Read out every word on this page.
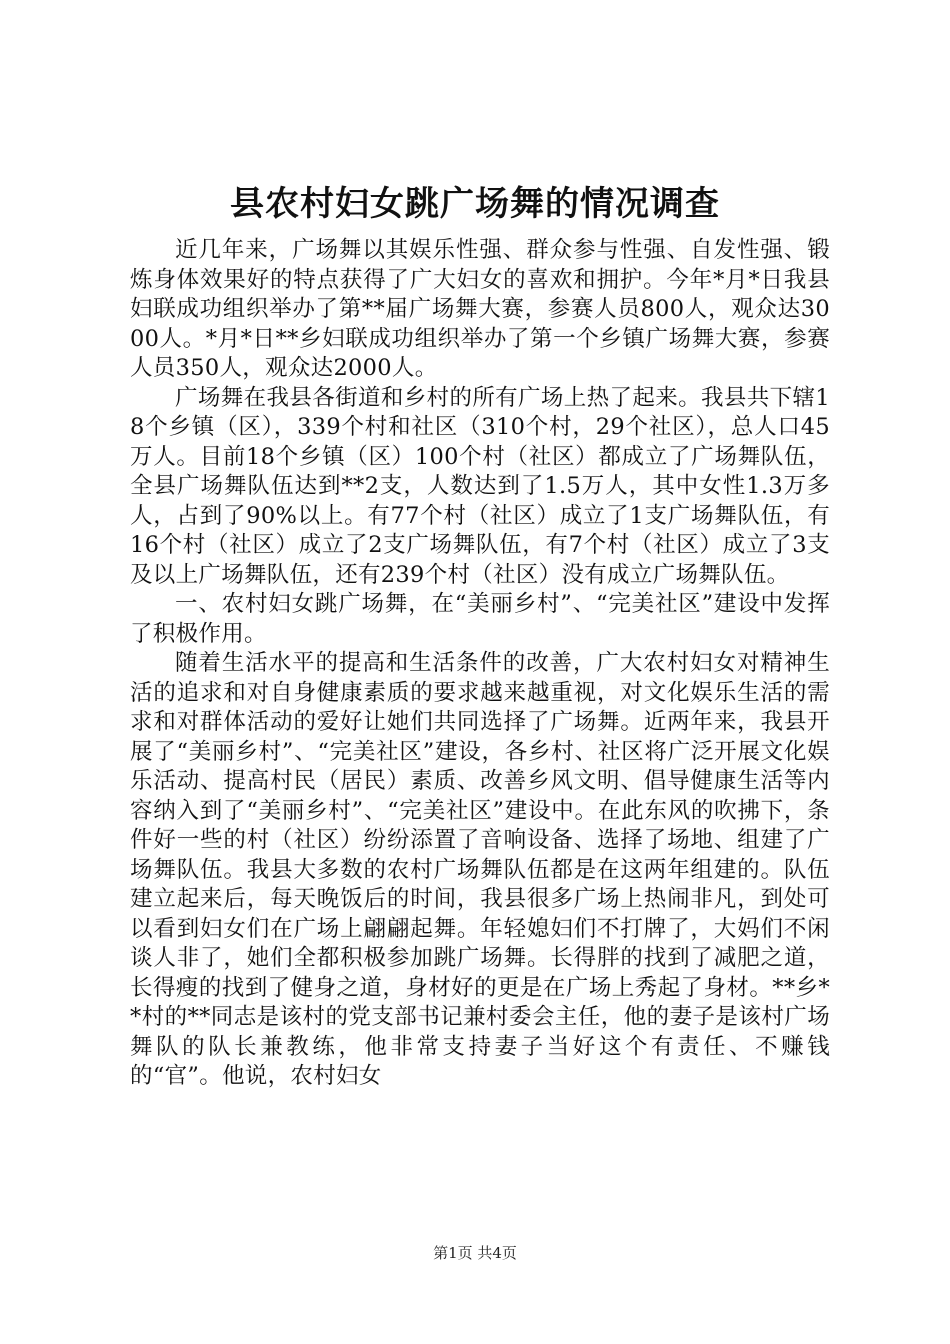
县农村妇女跳广场舞的情况调查

近几年来，广场舞以其娱乐性强、群众参与性强、自发性强、锻炼身体效果好的特点获得了广大妇女的喜欢和拥护。今年*月*日我县妇联成功组织举办了第**届广场舞大赛，参赛人员800人，观众达3000人。*月*日**乡妇联成功组织举办了第一个乡镇广场舞大赛，参赛人员350人，观众达2000人。

广场舞在我县各街道和乡村的所有广场上热了起来。我县共下辖18个乡镇（区），339个村和社区（310个村，29个社区），总人口45万人。目前18个乡镇（区）100个村（社区）都成立了广场舞队伍，全县广场舞队伍达到**2支，人数达到了1.5万人，其中女性1.3万多人，占到了90%以上。有77个村（社区）成立了1支广场舞队伍，有16个村（社区）成立了2支广场舞队伍，有7个村（社区）成立了3支及以上广场舞队伍，还有239个村（社区）没有成立广场舞队伍。

一、农村妇女跳广场舞，在“美丽乡村”、“完美社区”建设中发挥了积极作用。

随着生活水平的提高和生活条件的改善，广大农村妇女对精神生活的追求和对自身健康素质的要求越来越重视，对文化娱乐生活的需求和对群体活动的爱好让她们共同选择了广场舞。近两年来，我县开展了“美丽乡村”、“完美社区”建设，各乡村、社区将广泛开展文化娱乐活动、提高村民（居民）素质、改善乡风文明、倡导健康生活等内容纳入到了“美丽乡村”、“完美社区”建设中。在此东风的吹拂下，条件好一些的村（社区）纷纷添置了音响设备、选择了场地、组建了广场舞队伍。我县大多数的农村广场舞队伍都是在这两年组建的。队伍建立起来后，每天晚饭后的时间，我县很多广场上热闹非凡，到处可以看到妇女们在广场上翩翩起舞。年轻媳妇们不打牌了，大妈们不闲谈人非了，她们全都积极参加跳广场舞。长得胖的找到了减肥之道，长得瘦的找到了健身之道，身材好的更是在广场上秀起了身材。**乡**村的**同志是该村的党支部书记兼村委会主任，他的妻子是该村广场舞队的队长兼教练，他非常支持妻子当好这个有责任、不赚钱的“官”。他说，农村妇女

第1页 共4页
